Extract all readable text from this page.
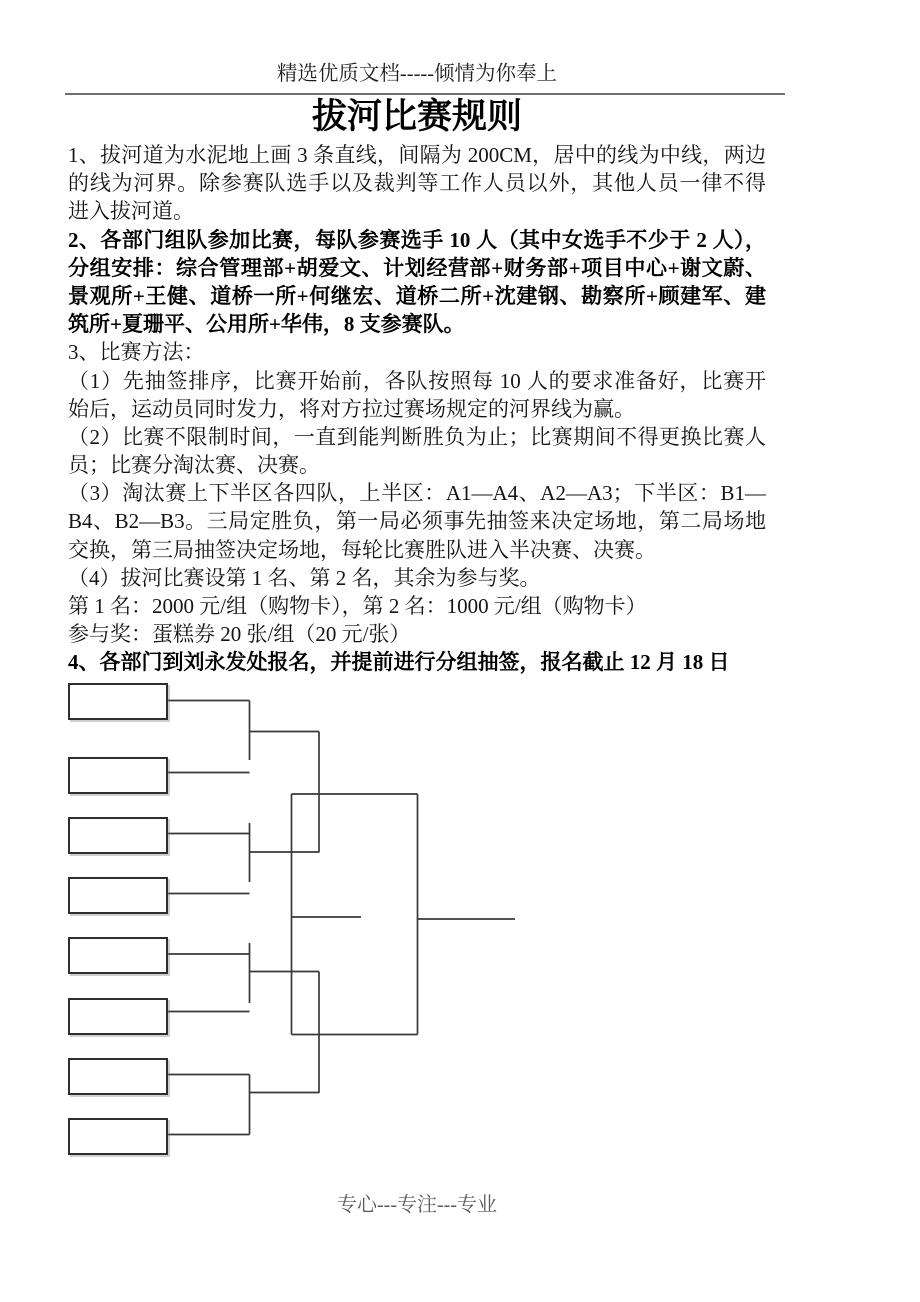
精选优质文档-----倾情为你奉上
拔河比赛规则
1、拔河道为水泥地上画 3 条直线，间隔为 200CM，居中的线为中线，两边
的线为河界。除参赛队选手以及裁判等工作人员以外，其他人员一律不得
进入拔河道。
2、各部门组队参加比赛，每队参赛选手 10 人（其中女选手不少于 2 人），
分组安排：综合管理部+胡爱文、计划经营部+财务部+项目中心+谢文蔚、
景观所+王健、道桥一所+何继宏、道桥二所+沈建钢、勘察所+顾建军、建
筑所+夏珊平、公用所+华伟，8 支参赛队。
3、比赛方法：
（1）先抽签排序，比赛开始前，各队按照每 10 人的要求准备好，比赛开
始后，运动员同时发力，将对方拉过赛场规定的河界线为赢。
（2）比赛不限制时间，一直到能判断胜负为止；比赛期间不得更换比赛人
员；比赛分淘汰赛、决赛。
（3）淘汰赛上下半区各四队，上半区：A1—A4、A2—A3；下半区：B1—
B4、B2—B3。三局定胜负，第一局必须事先抽签来决定场地，第二局场地
交换，第三局抽签决定场地，每轮比赛胜队进入半决赛、决赛。
（4）拔河比赛设第 1 名、第 2 名，其余为参与奖。
第 1 名：2000 元/组（购物卡），第 2 名：1000 元/组（购物卡）
参与奖：蛋糕券 20 张/组（20 元/张）
4、各部门到刘永发处报名，并提前进行分组抽签，报名截止 12 月 18 日
专心---专注---专业
